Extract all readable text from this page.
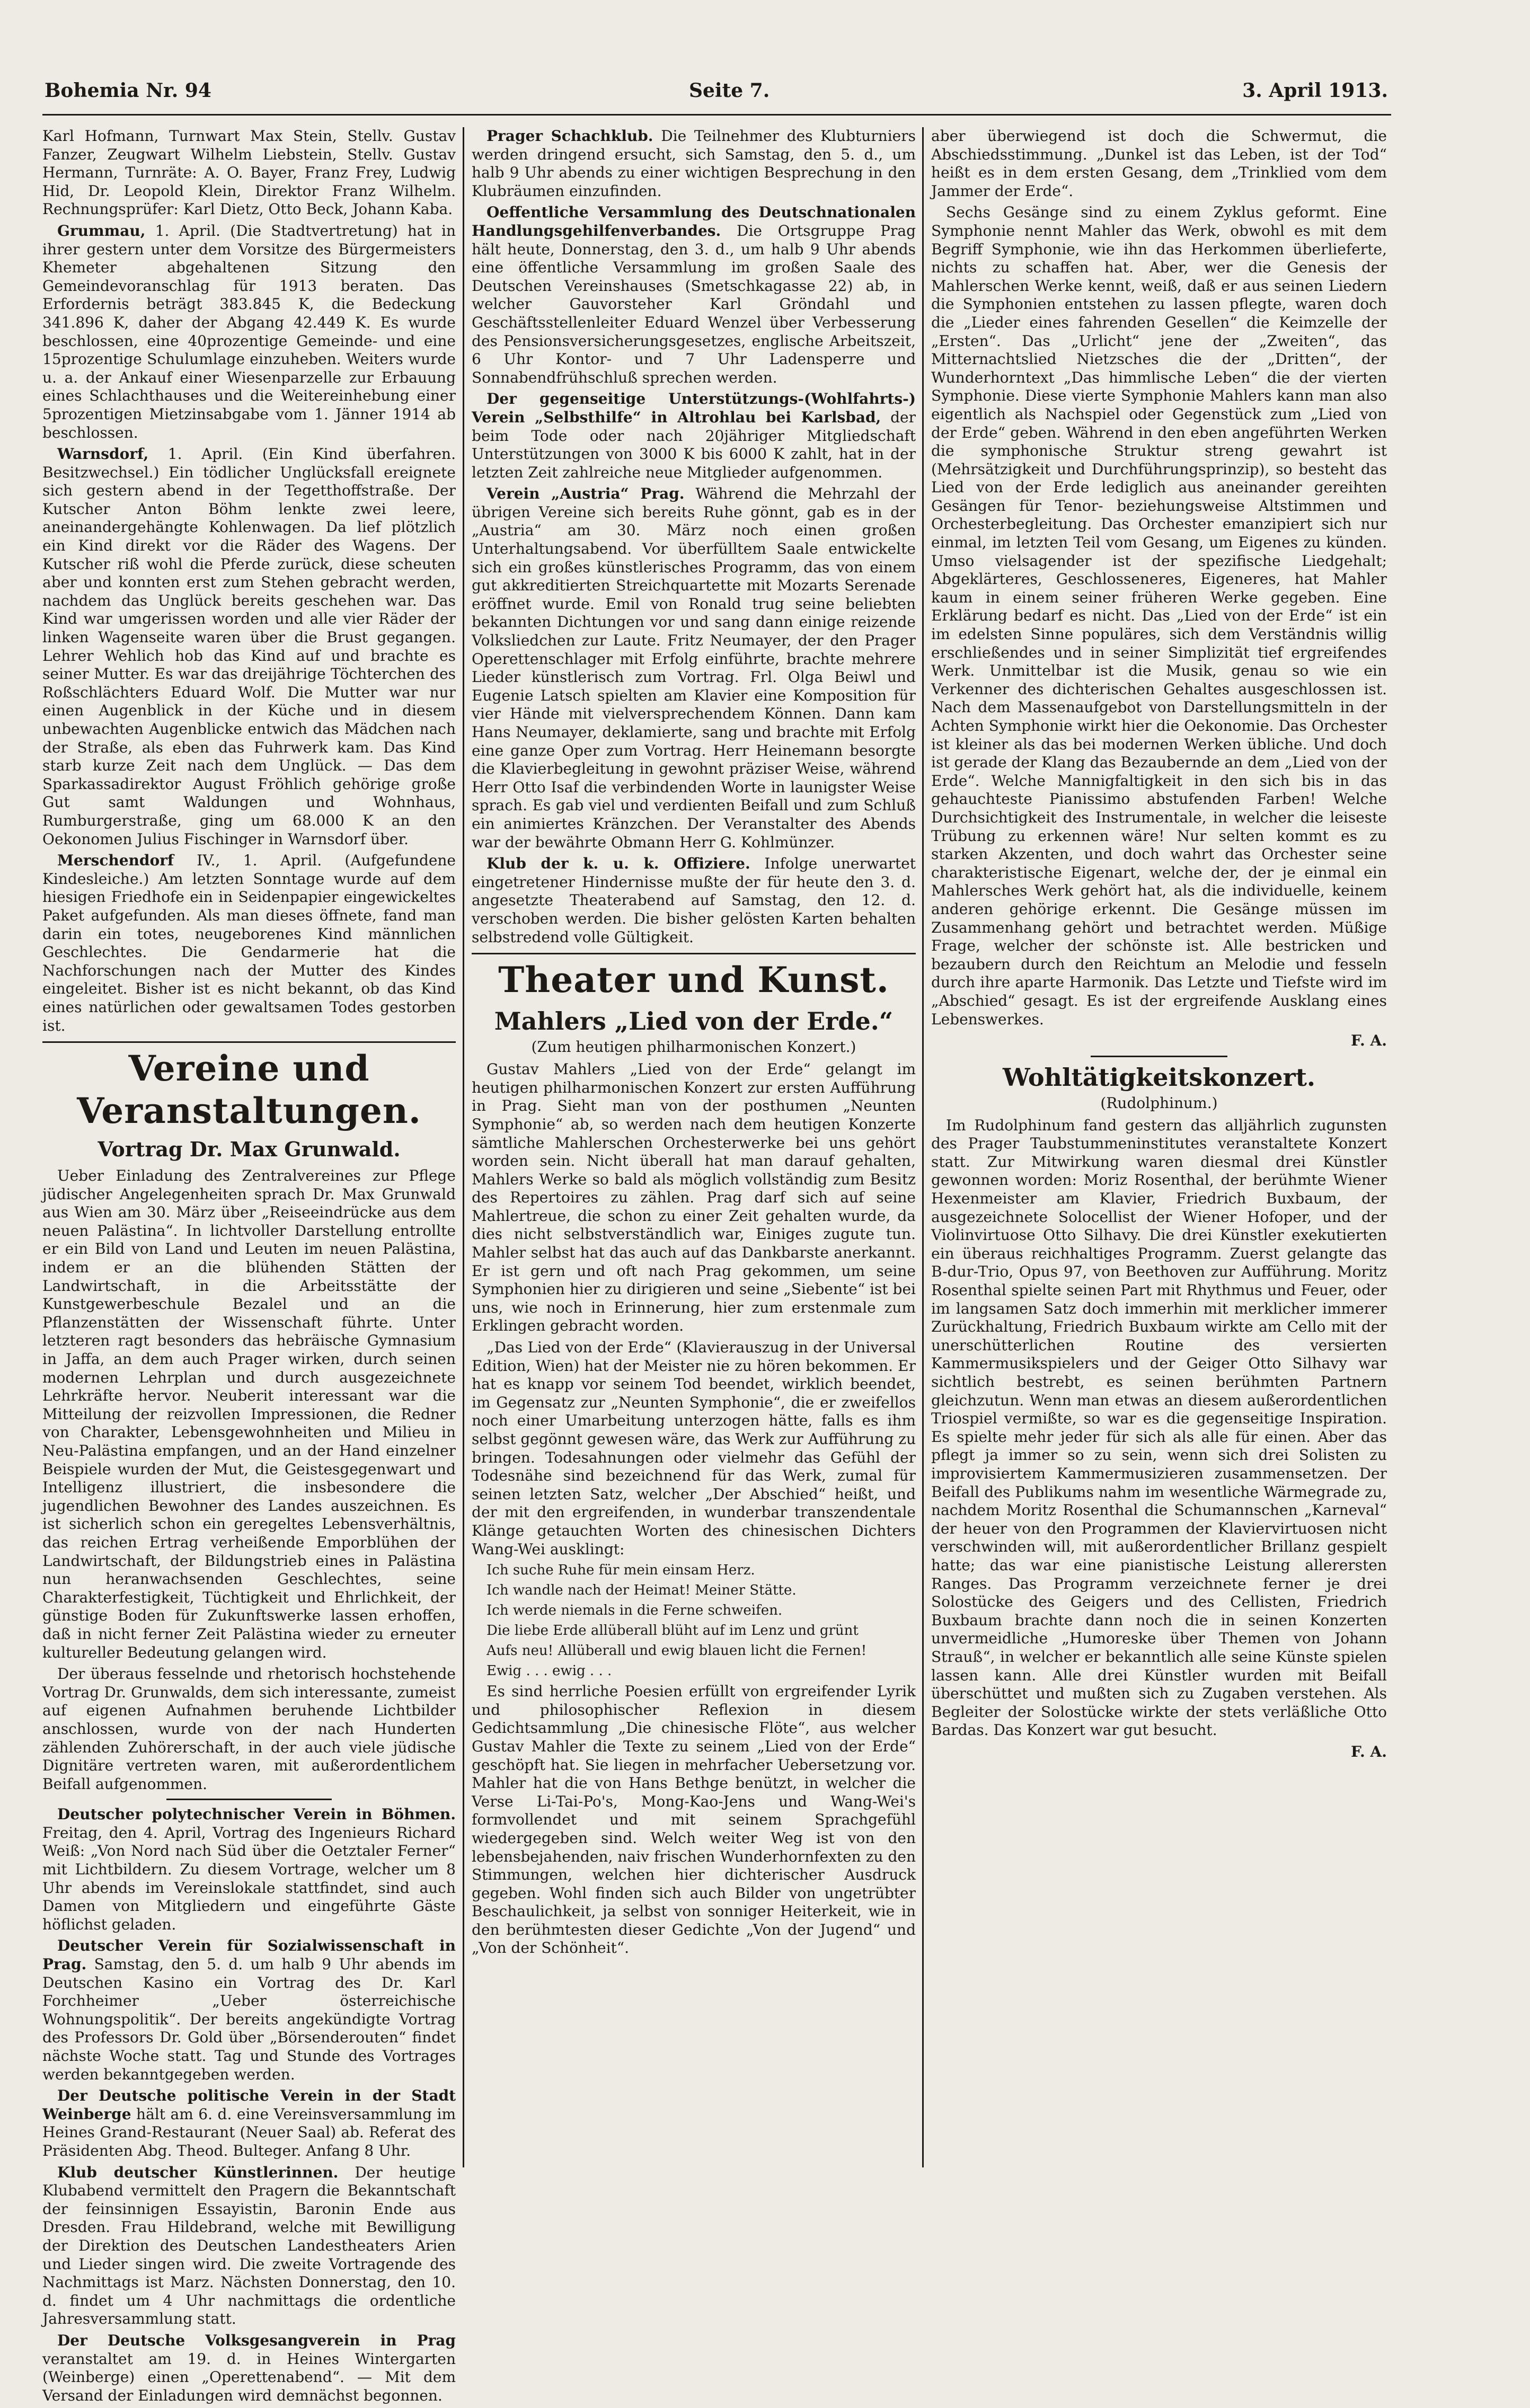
Bohemia Nr. 94	Seite 7.	3. April 1913.

Karl Hofmann, Turnwart Max Stein, Stellv. Gustav Fanzer, Zeugwart Wilhelm Liebstein, Stellv. Gustav Hermann, Turnräte: A. O. Bayer, Franz Frey, Ludwig Hid, Dr. Leopold Klein, Direktor Franz Wilhelm. Rechnungsprüfer: Karl Dietz, Otto Beck, Johann Kaba.

Grummau, 1. April. (Die Stadtvertretung) hat in ihrer gestern unter dem Vorsitze des Bürgermeisters Khemeter abgehaltenen Sitzung den Gemeindevoranschlag für 1913 beraten. Das Erfordernis beträgt 383.845 K, die Bedeckung 341.896 K, daher der Abgang 42.449 K. Es wurde beschlossen, eine 40prozentige Gemeinde- und eine 15prozentige Schulumlage einzuheben. Weiters wurde u. a. der Ankauf einer Wiesenparzelle zur Erbauung eines Schlachthauses und die Weitereinhebung einer 5prozentigen Mietzinsabgabe vom 1. Jänner 1914 ab beschlossen.

Warnsdorf, 1. April. (Ein Kind überfahren. Besitzwechsel.) Ein tödlicher Unglücksfall ereignete sich gestern abend in der Tegetthoffstraße. Der Kutscher Anton Böhm lenkte zwei leere, aneinandergehängte Kohlenwagen. Da lief plötzlich ein Kind direkt vor die Räder des Wagens. Der Kutscher riß wohl die Pferde zurück, diese scheuten aber und konnten erst zum Stehen gebracht werden, nachdem das Unglück bereits geschehen war. Das Kind war umgerissen worden und alle vier Räder der linken Wagenseite waren über die Brust gegangen. Lehrer Wehlich hob das Kind auf und brachte es seiner Mutter. Es war das dreijährige Töchterchen des Roßschlächters Eduard Wolf. Die Mutter war nur einen Augenblick in der Küche und in diesem unbewachten Augenblicke entwich das Mädchen nach der Straße, als eben das Fuhrwerk kam. Das Kind starb kurze Zeit nach dem Unglück. — Das dem Sparkassadirektor August Fröhlich gehörige große Gut samt Waldungen und Wohnhaus, Rumburgerstraße, ging um 68.000 K an den Oekonomen Julius Fischinger in Warnsdorf über.

Merschendorf IV., 1. April. (Aufgefundene Kindesleiche.) Am letzten Sonntage wurde auf dem hiesigen Friedhofe ein in Seidenpapier eingewickeltes Paket aufgefunden. Als man dieses öffnete, fand man darin ein totes, neugeborenes Kind männlichen Geschlechtes. Die Gendarmerie hat die Nachforschungen nach der Mutter des Kindes eingeleitet. Bisher ist es nicht bekannt, ob das Kind eines natürlichen oder gewaltsamen Todes gestorben ist.

Vereine und Veranstaltungen.
Vortrag Dr. Max Grunwald.

Ueber Einladung des Zentralvereines zur Pflege jüdischer Angelegenheiten sprach Dr. Max Grunwald aus Wien am 30. März über „Reiseeindrücke aus dem neuen Palästina“. In lichtvoller Darstellung entrollte er ein Bild von Land und Leuten im neuen Palästina, indem er an die blühenden Stätten der Landwirtschaft, in die Arbeitsstätte der Kunstgewerbeschule Bezalel und an die Pflanzenstätten der Wissenschaft führte. Unter letzteren ragt besonders das hebräische Gymnasium in Jaffa, an dem auch Prager wirken, durch seinen modernen Lehrplan und durch ausgezeichnete Lehrkräfte hervor. Neuberit interessant war die Mitteilung der reizvollen Impressionen, die Redner von Charakter, Lebensgewohnheiten und Milieu in Neu-Palästina empfangen, und an der Hand einzelner Beispiele wurden der Mut, die Geistesgegenwart und Intelligenz illustriert, die insbesondere die jugendlichen Bewohner des Landes auszeichnen. Es ist sicherlich schon ein geregeltes Lebensverhältnis, das reichen Ertrag verheißende Emporblühen der Landwirtschaft, der Bildungstrieb eines in Palästina nun heranwachsenden Geschlechtes, seine Charakterfestigkeit, Tüchtigkeit und Ehrlichkeit, der günstige Boden für Zukunftswerke lassen erhoffen, daß in nicht ferner Zeit Palästina wieder zu erneuter kultureller Bedeutung gelangen wird.

Der überaus fesselnde und rhetorisch hochstehende Vortrag Dr. Grunwalds, dem sich interessante, zumeist auf eigenen Aufnahmen beruhende Lichtbilder anschlossen, wurde von der nach Hunderten zählenden Zuhörerschaft, in der auch viele jüdische Dignitäre vertreten waren, mit außerordentlichem Beifall aufgenommen.

Deutscher polytechnischer Verein in Böhmen. Freitag, den 4. April, Vortrag des Ingenieurs Richard Weiß: „Von Nord nach Süd über die Oetztaler Ferner“ mit Lichtbildern. Zu diesem Vortrage, welcher um 8 Uhr abends im Vereinslokale stattfindet, sind auch Damen von Mitgliedern und eingeführte Gäste höflichst geladen.

Deutscher Verein für Sozialwissenschaft in Prag. Samstag, den 5. d. um halb 9 Uhr abends im Deutschen Kasino ein Vortrag des Dr. Karl Forchheimer „Ueber österreichische Wohnungspolitik“. Der bereits angekündigte Vortrag des Professors Dr. Gold über „Börsenderouten“ findet nächste Woche statt. Tag und Stunde des Vortrages werden bekanntgegeben werden.

Der Deutsche politische Verein in der Stadt Weinberge hält am 6. d. eine Vereinsversammlung im Heines Grand-Restaurant (Neuer Saal) ab. Referat des Präsidenten Abg. Theod. Bulteger. Anfang 8 Uhr.

Klub deutscher Künstlerinnen. Der heutige Klubabend vermittelt den Pragern die Bekanntschaft der feinsinnigen Essayistin, Baronin Ende aus Dresden. Frau Hildebrand, welche mit Bewilligung der Direktion des Deutschen Landestheaters Arien und Lieder singen wird. Die zweite Vortragende des Nachmittags ist Marz. Nächsten Donnerstag, den 10. d. findet um 4 Uhr nachmittags die ordentliche Jahresversammlung statt.

Der Deutsche Volksgesangverein in Prag veranstaltet am 19. d. in Heines Wintergarten (Weinberge) einen „Operettenabend“. — Mit dem Versand der Einladungen wird demnächst begonnen.

Prager Schachklub. Die Teilnehmer des Klubturniers werden dringend ersucht, sich Samstag, den 5. d., um halb 9 Uhr abends zu einer wichtigen Besprechung in den Klubräumen einzufinden.

Oeffentliche Versammlung des Deutschnationalen Handlungsgehilfenverbandes. Die Ortsgruppe Prag hält heute, Donnerstag, den 3. d., um halb 9 Uhr abends eine öffentliche Versammlung im großen Saale des Deutschen Vereinshauses (Smetschkagasse 22) ab, in welcher Gauvorsteher Karl Gröndahl und Geschäftsstellenleiter Eduard Wenzel über Verbesserung des Pensionsversicherungsgesetzes, englische Arbeitszeit, 6 Uhr Kontor- und 7 Uhr Ladensperre und Sonnabendfrühschluß sprechen werden.

Der gegenseitige Unterstützungs-(Wohlfahrts-) Verein „Selbsthilfe“ in Altrohlau bei Karlsbad, der beim Tode oder nach 20jähriger Mitgliedschaft Unterstützungen von 3000 K bis 6000 K zahlt, hat in der letzten Zeit zahlreiche neue Mitglieder aufgenommen.

Verein „Austria“ Prag. Während die Mehrzahl der übrigen Vereine sich bereits Ruhe gönnt, gab es in der „Austria“ am 30. März noch einen großen Unterhaltungsabend. Vor überfülltem Saale entwickelte sich ein großes künstlerisches Programm, das von einem gut akkreditierten Streichquartette mit Mozarts Serenade eröffnet wurde. Emil von Ronald trug seine beliebten bekannten Dichtungen vor und sang dann einige reizende Volksliedchen zur Laute. Fritz Neumayer, der den Prager Operettenschlager mit Erfolg einführte, brachte mehrere Lieder künstlerisch zum Vortrag. Frl. Olga Beiwl und Eugenie Latsch spielten am Klavier eine Komposition für vier Hände mit vielversprechendem Können. Dann kam Hans Neumayer, deklamierte, sang und brachte mit Erfolg eine ganze Oper zum Vortrag. Herr Heinemann besorgte die Klavierbegleitung in gewohnt präziser Weise, während Herr Otto Isaf die verbindenden Worte in launigster Weise sprach. Es gab viel und verdienten Beifall und zum Schluß ein animiertes Kränzchen. Der Veranstalter des Abends war der bewährte Obmann Herr G. Kohlmünzer.

Klub der k. u. k. Offiziere. Infolge unerwartet eingetretener Hindernisse mußte der für heute den 3. d. angesetzte Theaterabend auf Samstag, den 12. d. verschoben werden. Die bisher gelösten Karten behalten selbstredend volle Gültigkeit.

Theater und Kunst.
Mahlers „Lied von der Erde.“
(Zum heutigen philharmonischen Konzert.)

Gustav Mahlers „Lied von der Erde“ gelangt im heutigen philharmonischen Konzert zur ersten Aufführung in Prag. Sieht man von der posthumen „Neunten Symphonie“ ab, so werden nach dem heutigen Konzerte sämtliche Mahlerschen Orchesterwerke bei uns gehört worden sein. Nicht überall hat man darauf gehalten, Mahlers Werke so bald als möglich vollständig zum Besitz des Repertoires zu zählen. Prag darf sich auf seine Mahlertreue, die schon zu einer Zeit gehalten wurde, da dies nicht selbstverständlich war, Einiges zugute tun. Mahler selbst hat das auch auf das Dankbarste anerkannt. Er ist gern und oft nach Prag gekommen, um seine Symphonien hier zu dirigieren und seine „Siebente“ ist bei uns, wie noch in Erinnerung, hier zum erstenmale zum Erklingen gebracht worden.

„Das Lied von der Erde“ (Klavierauszug in der Universal Edition, Wien) hat der Meister nie zu hören bekommen. Er hat es knapp vor seinem Tod beendet, wirklich beendet, im Gegensatz zur „Neunten Symphonie“, die er zweifellos noch einer Umarbeitung unterzogen hätte, falls es ihm selbst gegönnt gewesen wäre, das Werk zur Aufführung zu bringen. Todesahnungen oder vielmehr das Gefühl der Todesnähe sind bezeichnend für das Werk, zumal für seinen letzten Satz, welcher „Der Abschied“ heißt, und der mit den ergreifenden, in wunderbar transzendentale Klänge getauchten Worten des chinesischen Dichters Wang-Wei ausklingt:

Ich suche Ruhe für mein einsam Herz.

Ich wandle nach der Heimat! Meiner Stätte.

Ich werde niemals in die Ferne schweifen.

Die liebe Erde allüberall blüht auf im Lenz und grünt

Aufs neu! Allüberall und ewig blauen licht die Fernen!

Ewig . . . ewig . . .

Es sind herrliche Poesien erfüllt von ergreifender Lyrik und philosophischer Reflexion in diesem Gedichtsammlung „Die chinesische Flöte“, aus welcher Gustav Mahler die Texte zu seinem „Lied von der Erde“ geschöpft hat. Sie liegen in mehrfacher Uebersetzung vor. Mahler hat die von Hans Bethge benützt, in welcher die Verse Li-Tai-Po's, Mong-Kao-Jens und Wang-Wei's formvollendet und mit seinem Sprachgefühl wiedergegeben sind. Welch weiter Weg ist von den lebensbejahenden, naiv frischen Wunderhornfexten zu den Stimmungen, welchen hier dichterischer Ausdruck gegeben. Wohl finden sich auch Bilder von ungetrübter Beschaulichkeit, ja selbst von sonniger Heiterkeit, wie in den berühmtesten dieser Gedichte „Von der Jugend“ und „Von der Schönheit“.

aber überwiegend ist doch die Schwermut, die Abschiedsstimmung. „Dunkel ist das Leben, ist der Tod“ heißt es in dem ersten Gesang, dem „Trinklied vom dem Jammer der Erde“.

Sechs Gesänge sind zu einem Zyklus geformt. Eine Symphonie nennt Mahler das Werk, obwohl es mit dem Begriff Symphonie, wie ihn das Herkommen überlieferte, nichts zu schaffen hat. Aber, wer die Genesis der Mahlerschen Werke kennt, weiß, daß er aus seinen Liedern die Symphonien entstehen zu lassen pflegte, waren doch die „Lieder eines fahrenden Gesellen“ die Keimzelle der „Ersten“. Das „Urlicht“ jene der „Zweiten“, das Mitternachtslied Nietzsches die der „Dritten“, der Wunderhorntext „Das himmlische Leben“ die der vierten Symphonie. Diese vierte Symphonie Mahlers kann man also eigentlich als Nachspiel oder Gegenstück zum „Lied von der Erde“ geben. Während in den eben angeführten Werken die symphonische Struktur streng gewahrt ist (Mehrsätzigkeit und Durchführungsprinzip), so besteht das Lied von der Erde lediglich aus aneinander gereihten Gesängen für Tenor- beziehungsweise Altstimmen und Orchesterbegleitung. Das Orchester emanzipiert sich nur einmal, im letzten Teil vom Gesang, um Eigenes zu künden. Umso vielsagender ist der spezifische Liedgehalt; Abgeklärteres, Geschlosseneres, Eigeneres, hat Mahler kaum in einem seiner früheren Werke gegeben. Eine Erklärung bedarf es nicht. Das „Lied von der Erde“ ist ein im edelsten Sinne populäres, sich dem Verständnis willig erschließendes und in seiner Simplizität tief ergreifendes Werk. Unmittelbar ist die Musik, genau so wie ein Verkenner des dichterischen Gehaltes ausgeschlossen ist. Nach dem Massenaufgebot von Darstellungsmitteln in der Achten Symphonie wirkt hier die Oekonomie. Das Orchester ist kleiner als das bei modernen Werken übliche. Und doch ist gerade der Klang das Bezaubernde an dem „Lied von der Erde“. Welche Mannigfaltigkeit in den sich bis in das gehauchteste Pianissimo abstufenden Farben! Welche Durchsichtigkeit des Instrumentale, in welcher die leiseste Trübung zu erkennen wäre! Nur selten kommt es zu starken Akzenten, und doch wahrt das Orchester seine charakteristische Eigenart, welche der, der je einmal ein Mahlersches Werk gehört hat, als die individuelle, keinem anderen gehörige erkennt. Die Gesänge müssen im Zusammenhang gehört und betrachtet werden. Müßige Frage, welcher der schönste ist. Alle bestricken und bezaubern durch den Reichtum an Melodie und fesseln durch ihre aparte Harmonik. Das Letzte und Tiefste wird im „Abschied“ gesagt. Es ist der ergreifende Ausklang eines Lebenswerkes.

F. A.
Wohltätigkeitskonzert.
(Rudolphinum.)

Im Rudolphinum fand gestern das alljährlich zugunsten des Prager Taubstummeninstitutes veranstaltete Konzert statt. Zur Mitwirkung waren diesmal drei Künstler gewonnen worden: Moriz Rosenthal, der berühmte Wiener Hexenmeister am Klavier, Friedrich Buxbaum, der ausgezeichnete Solocellist der Wiener Hofoper, und der Violinvirtuose Otto Silhavy. Die drei Künstler exekutierten ein überaus reichhaltiges Programm. Zuerst gelangte das B-dur-Trio, Opus 97, von Beethoven zur Aufführung. Moritz Rosenthal spielte seinen Part mit Rhythmus und Feuer, oder im langsamen Satz doch immerhin mit merklicher immerer Zurückhaltung, Friedrich Buxbaum wirkte am Cello mit der unerschütterlichen Routine des versierten Kammermusikspielers und der Geiger Otto Silhavy war sichtlich bestrebt, es seinen berühmten Partnern gleichzutun. Wenn man etwas an diesem außerordentlichen Triospiel vermißte, so war es die gegenseitige Inspiration. Es spielte mehr jeder für sich als alle für einen. Aber das pflegt ja immer so zu sein, wenn sich drei Solisten zu improvisiertem Kammermusizieren zusammensetzen. Der Beifall des Publikums nahm im wesentliche Wärmegrade zu, nachdem Moritz Rosenthal die Schumannschen „Karneval“ der heuer von den Programmen der Klaviervirtuosen nicht verschwinden will, mit außerordentlicher Brillanz gespielt hatte; das war eine pianistische Leistung allerersten Ranges. Das Programm verzeichnete ferner je drei Solostücke des Geigers und des Cellisten, Friedrich Buxbaum brachte dann noch die in seinen Konzerten unvermeidliche „Humoreske über Themen von Johann Strauß“, in welcher er bekanntlich alle seine Künste spielen lassen kann. Alle drei Künstler wurden mit Beifall überschüttet und mußten sich zu Zugaben verstehen. Als Begleiter der Solostücke wirkte der stets verläßliche Otto Bardas. Das Konzert war gut besucht.

F. A.
